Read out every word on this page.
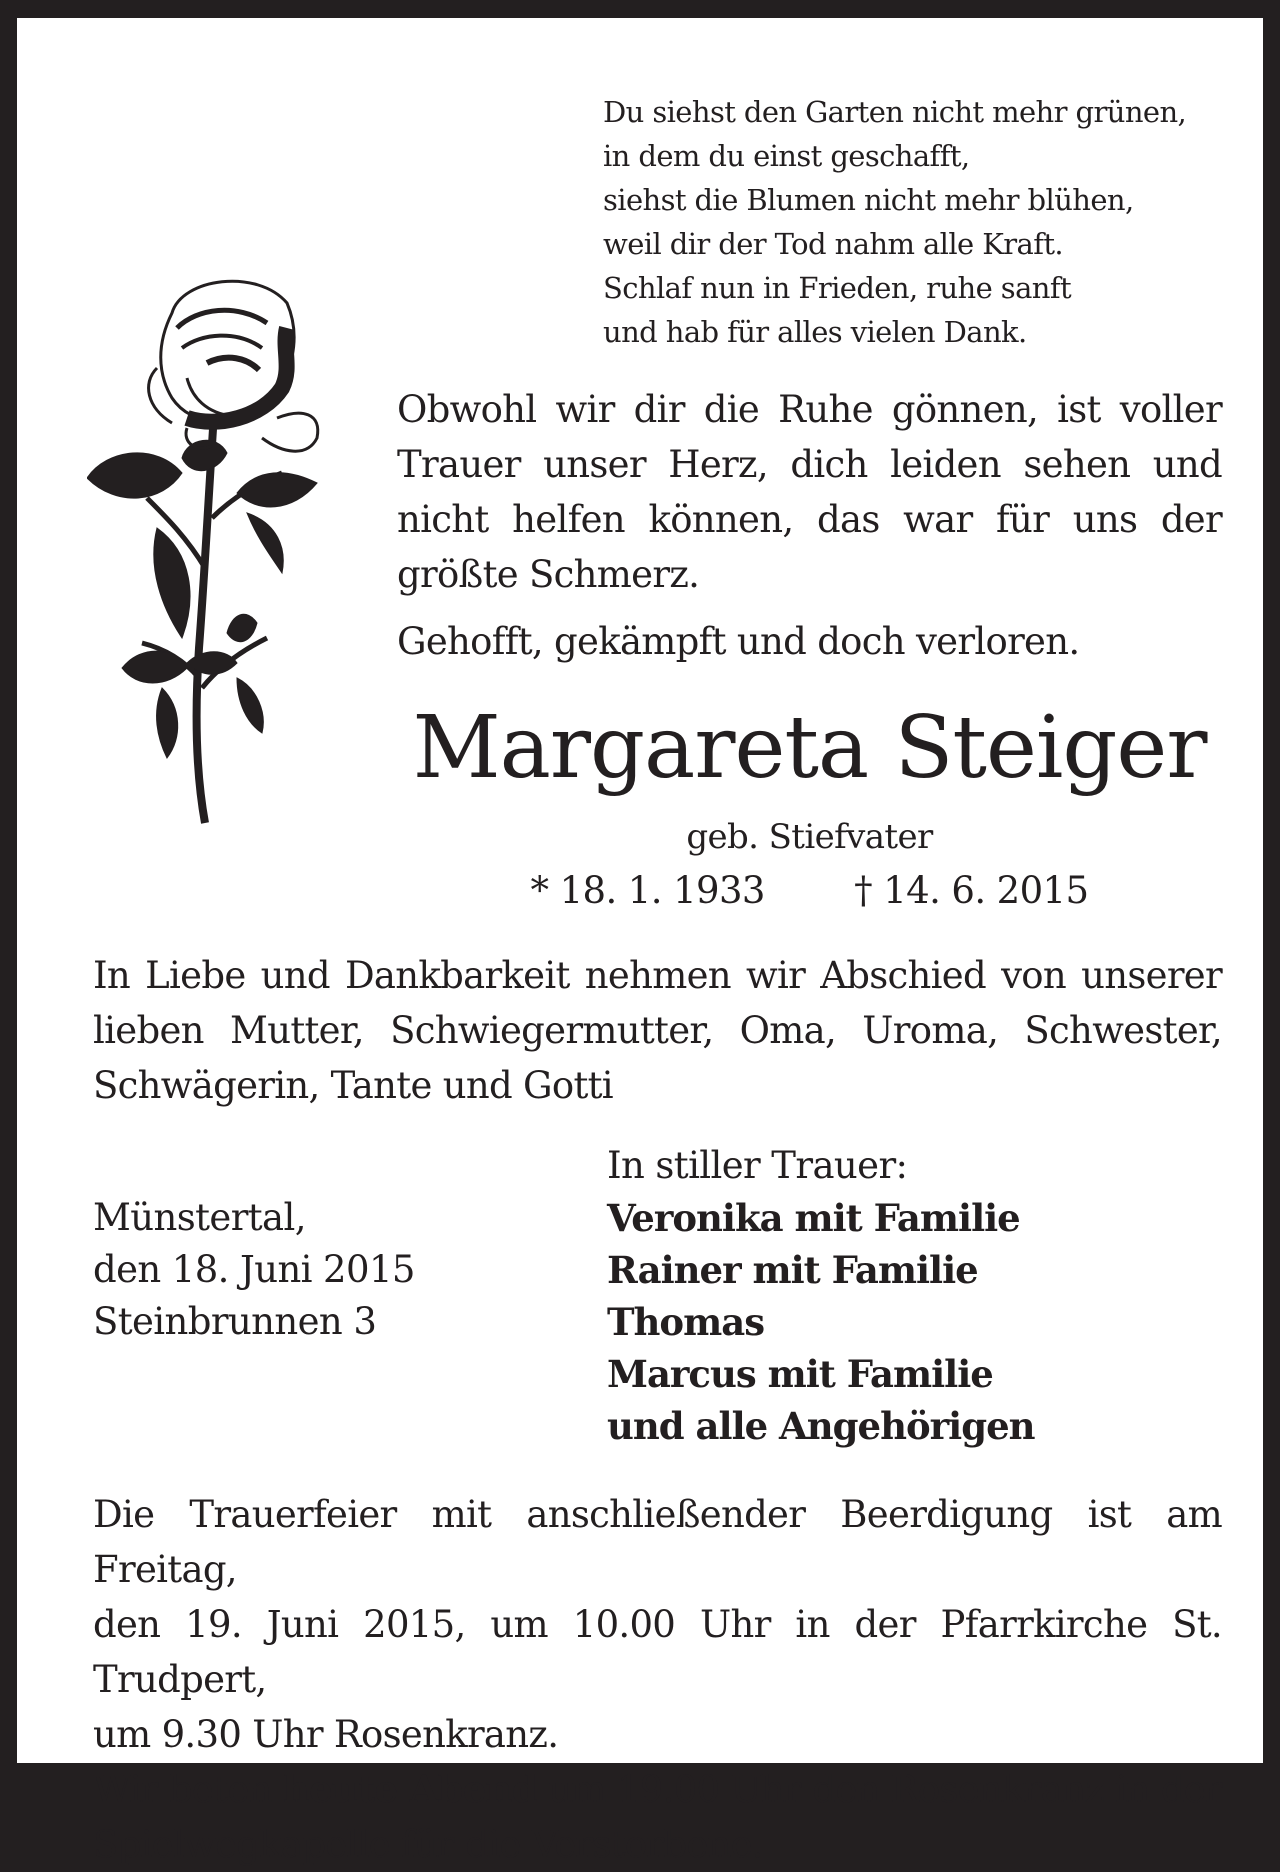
Du siehst den Garten nicht mehr grünen,
in dem du einst geschafft,
siehst die Blumen nicht mehr blühen,
weil dir der Tod nahm alle Kraft.
Schlaf nun in Frieden, ruhe sanft
und hab für alles vielen Dank.
Obwohl wir dir die Ruhe gönnen, ist voller
Trauer unser Herz, dich leiden sehen und
nicht helfen können, das war für uns der
größte Schmerz.
Gehofft, gekämpft und doch verloren.
Margareta Steiger
geb. Stiefvater
* 18. 1. 1933 † 14. 6. 2015
In Liebe und Dankbarkeit nehmen wir Abschied von unserer
lieben Mutter, Schwiegermutter, Oma, Uroma, Schwester,
Schwägerin, Tante und Gotti
Münstertal,
den 18. Juni 2015
Steinbrunnen 3
In stiller Trauer:
Veronika mit Familie
Rainer mit Familie
Thomas
Marcus mit Familie
und alle Angehörigen
Die Trauerfeier mit anschließender Beerdigung ist am Freitag,
den 19. Juni 2015, um 10.00 Uhr in der Pfarrkirche St. Trudpert,
um 9.30 Uhr Rosenkranz.
Wir beten heute Abend um 19.00 Uhr den Rosenkranz in der
Spielwegkapelle für die Verstorbene.
